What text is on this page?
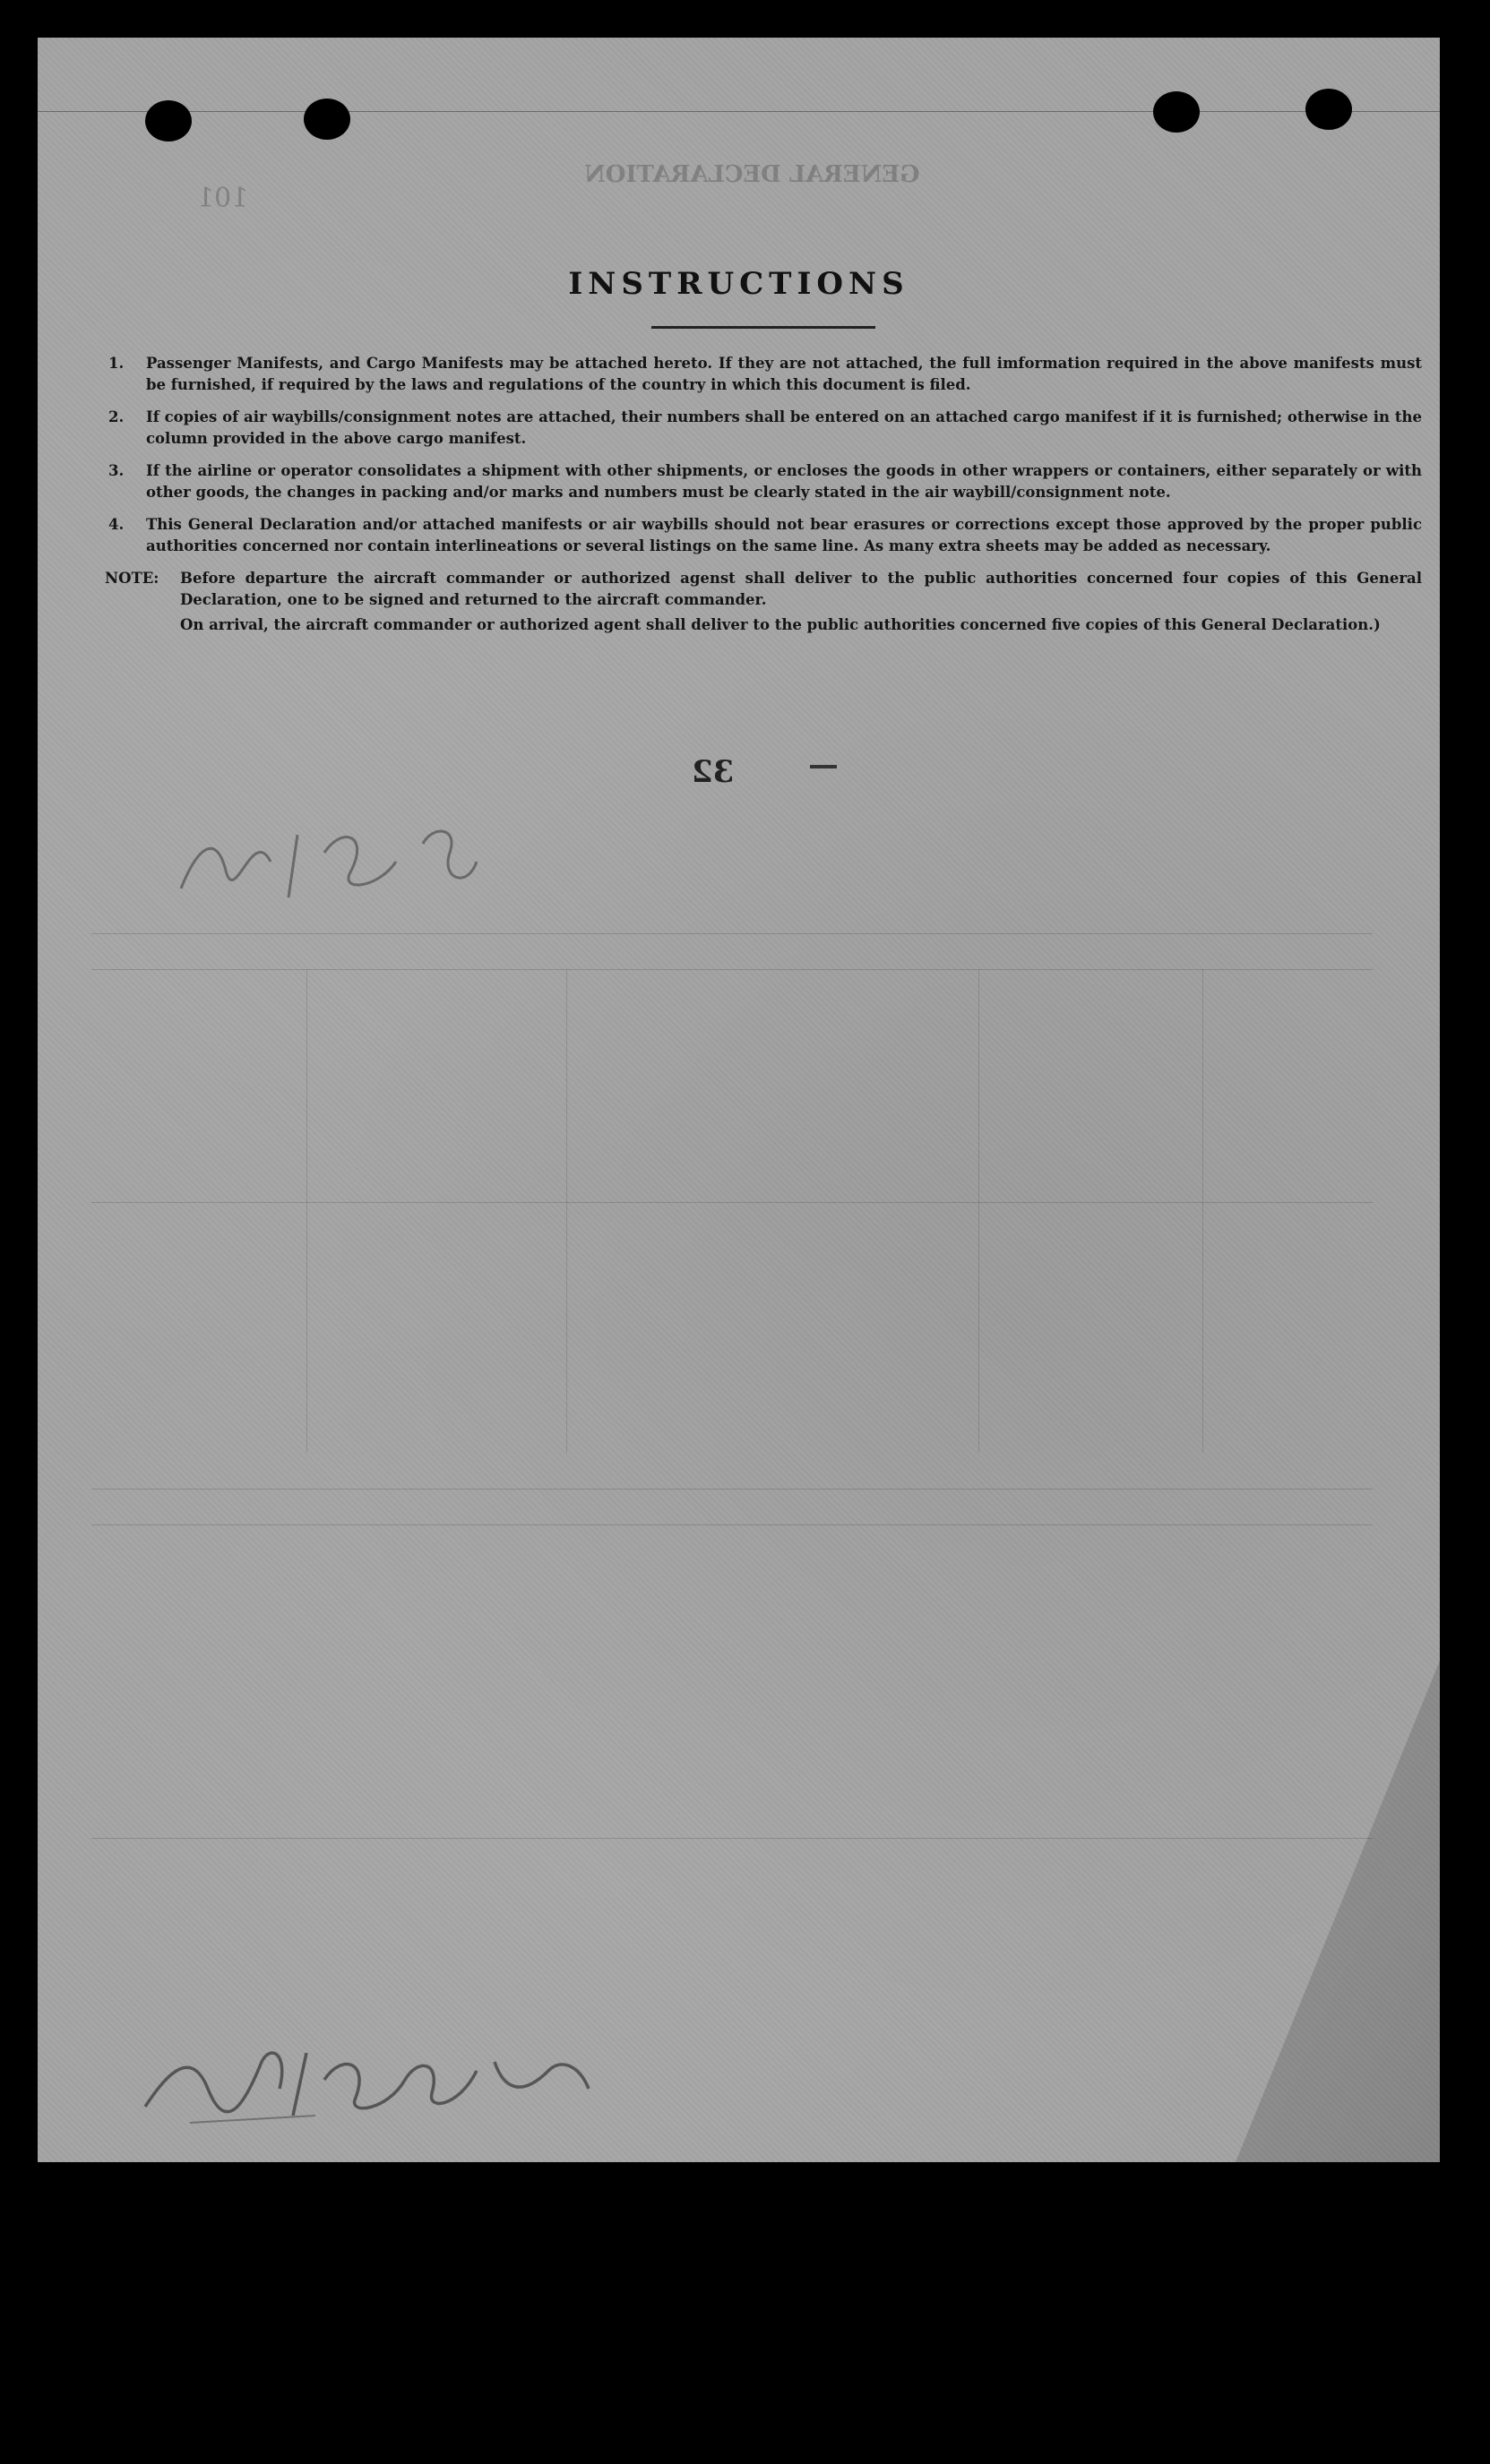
101
GENERAL DECLARATION
INSTRUCTIONS
1.	Passenger Manifests, and Cargo Manifests may be attached hereto. If they are not attached, the full imformation required in the above manifests must be furnished, if required by the laws and regulations of the country in which this document is filed.
2.	If copies of air waybills/consignment notes are attached, their numbers shall be entered on an attached cargo manifest if it is furnished; otherwise in the column provided in the above cargo manifest.
3.	If the airline or operator consolidates a shipment with other shipments, or encloses the goods in other wrappers or containers, either separately or with other goods, the changes in packing and/or marks and numbers must be clearly stated in the air waybill/consignment note.
4.	This General Declaration and/or attached manifests or air waybills should not bear erasures or corrections except those approved by the proper public authorities concerned nor contain interlineations or several listings on the same line. As many extra sheets may be added as necessary.
NOTE:	Before departure the aircraft commander or authorized agenst shall deliver to the public authorities concerned four copies of this General Declaration, one to be signed and returned to the aircraft commander.
On arrival, the aircraft commander or authorized agent shall deliver to the public authorities concerned five copies of this General Declaration.)
32
